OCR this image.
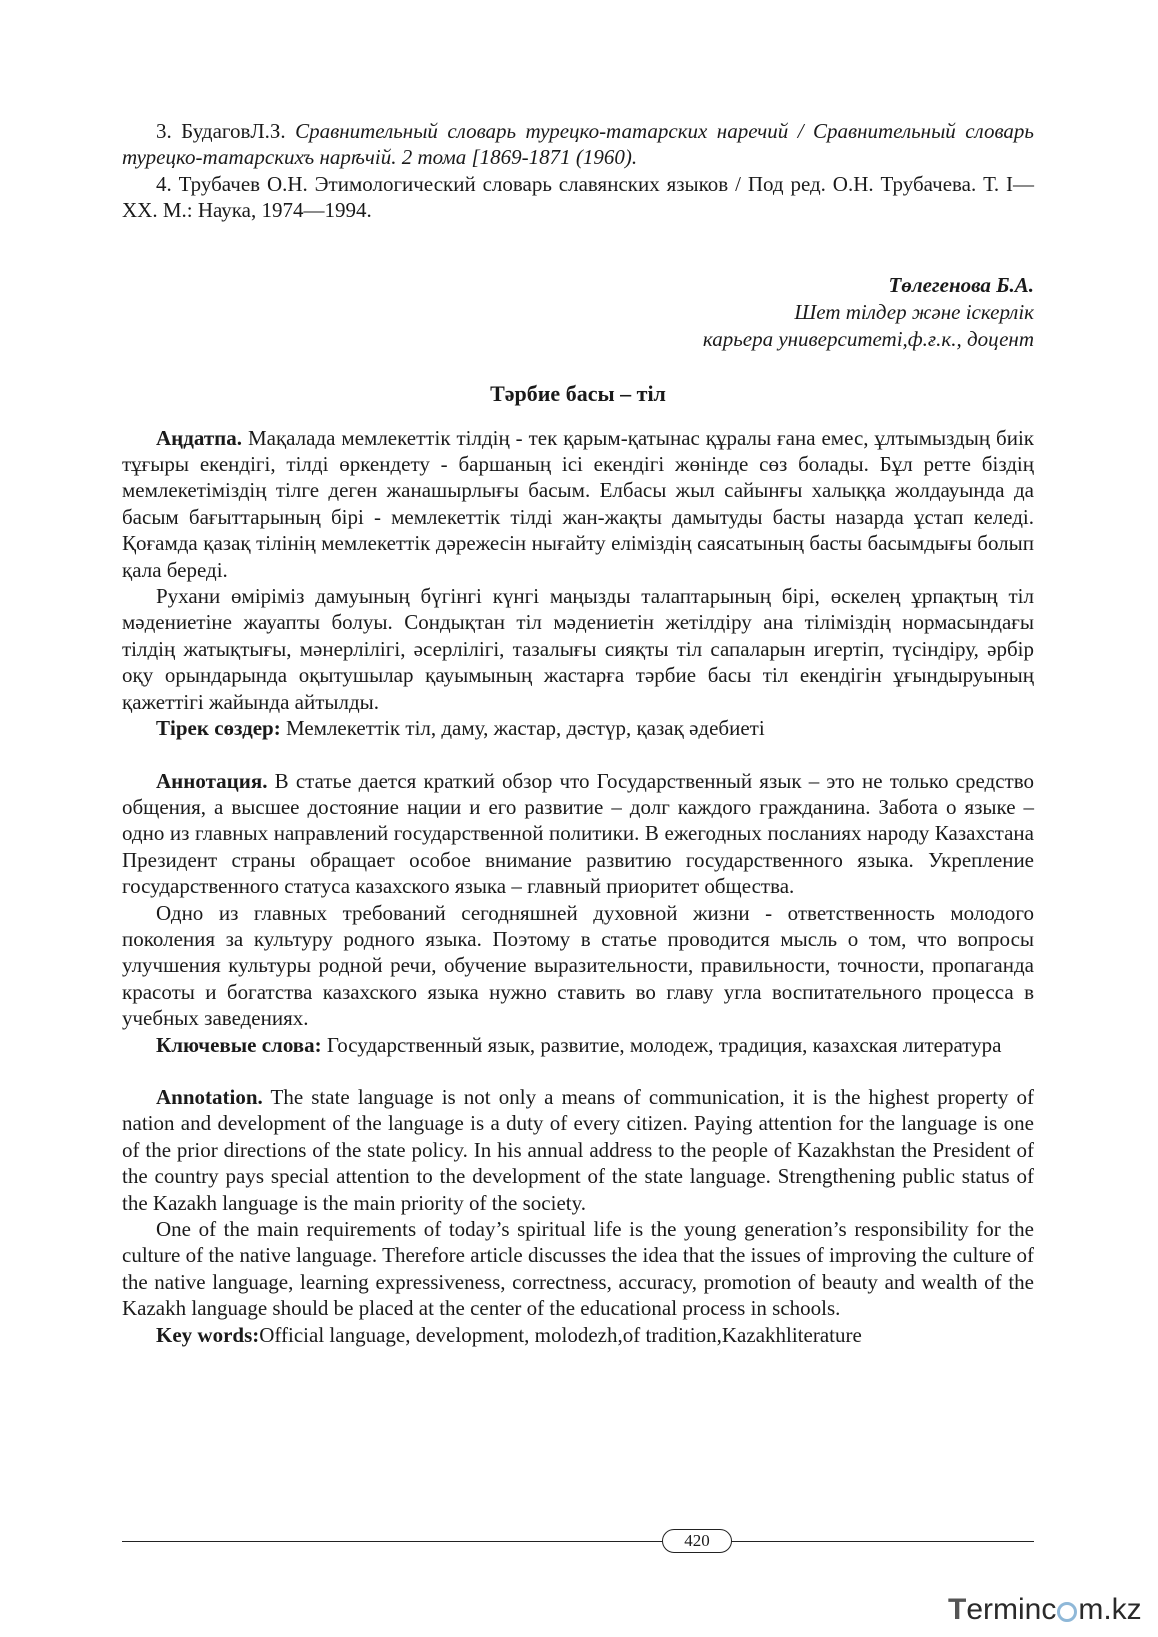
3. БудаговЛ.З. Сравнительный словарь турецко-татарских наречий / Сравнительный словарь турецко-татарскихъ нарѣчій. 2 тома [1869-1871 (1960).

4. Трубачев О.Н. Этимологический словарь славянских языков / Под ред. О.Н. Трубачева. Т. I—XX. М.: Наука, 1974—1994.

Төлегенова Б.А.
Шет тілдер және іскерлік
карьера университеті,ф.ғ.к., доцент
Тәрбие басы – тіл

Аңдатпа. Мақалада мемлекеттік тілдің - тек қарым-қатынас құралы ғана емес, ұлтымыздың биік тұғыры екендігі, тілді өркендету - баршаның ісі екендігі жөнінде сөз болады. Бұл ретте біздің мемлекетіміздің тілге деген жанашырлығы басым. Елбасы жыл сайынғы халыққа жолдауында да басым бағыттарының бірі - мемлекеттік тілді жан-жақты дамытуды басты назарда ұстап келеді. Қоғамда қазақ тілінің мемлекеттік дәрежесін нығайту еліміздің саясатының басты басымдығы болып қала береді.

Рухани өміріміз дамуының бүгінгі күнгі маңызды талаптарының бірі, өскелең ұрпақтың тіл мәдениетіне жауапты болуы. Сондықтан тіл мәдениетін жетілдіру ана тіліміздің нормасындағы тілдің жатықтығы, мәнерлілігі, әсерлілігі, тазалығы сияқты тіл сапаларын игертіп, түсіндіру, әрбір оқу орындарында оқытушылар қауымының жастарға тәрбие басы тіл екендігін ұғындыруының қажеттігі жайында айтылды.

Тірек сөздер: Мемлекеттік тіл, даму, жастар, дәстүр, қазақ әдебиеті

Аннотация. В статье дается краткий обзор что Государственный язык – это не только средство общения, а высшее достояние нации и его развитие – долг каждого гражданина. Забота о языке – одно из главных направлений государственной политики. В ежегодных посланиях народу Казахстана Президент страны обращает особое внимание развитию государственного языка. Укрепление государственного статуса казахского языка – главный приоритет общества.

Одно из главных требований сегодняшней духовной жизни - ответственность молодого поколения за культуру родного языка. Поэтому в статье проводится мысль о том, что вопросы улучшения культуры родной речи, обучение выразительности, правильности, точности, пропаганда красоты и богатства казахского языка нужно ставить во главу угла воспитательного процесса в учебных заведениях.

Ключевые слова: Государственный язык, развитие, молодеж, традиция, казахская литература

Annotation. The state language is not only a means of communication, it is the highest property of nation and development of the language is a duty of every citizen. Paying attention for the language is one of the prior directions of the state policy. In his annual address to the people of Kazakhstan the President of the country pays special attention to the development of the state language. Strengthening public status of the Kazakh language is the main priority of the society.

One of the main requirements of today’s spiritual life is the young generation’s responsibility for the culture of the native language. Therefore article discusses the idea that the issues of improving the culture of the native language, learning expressiveness, correctness, accuracy, promotion of beauty and wealth of the Kazakh language should be placed at the center of the educational process in schools.

Key words:Official language, development, molodezh,of tradition,Kazakhliterature

420
Terminc m.kz
